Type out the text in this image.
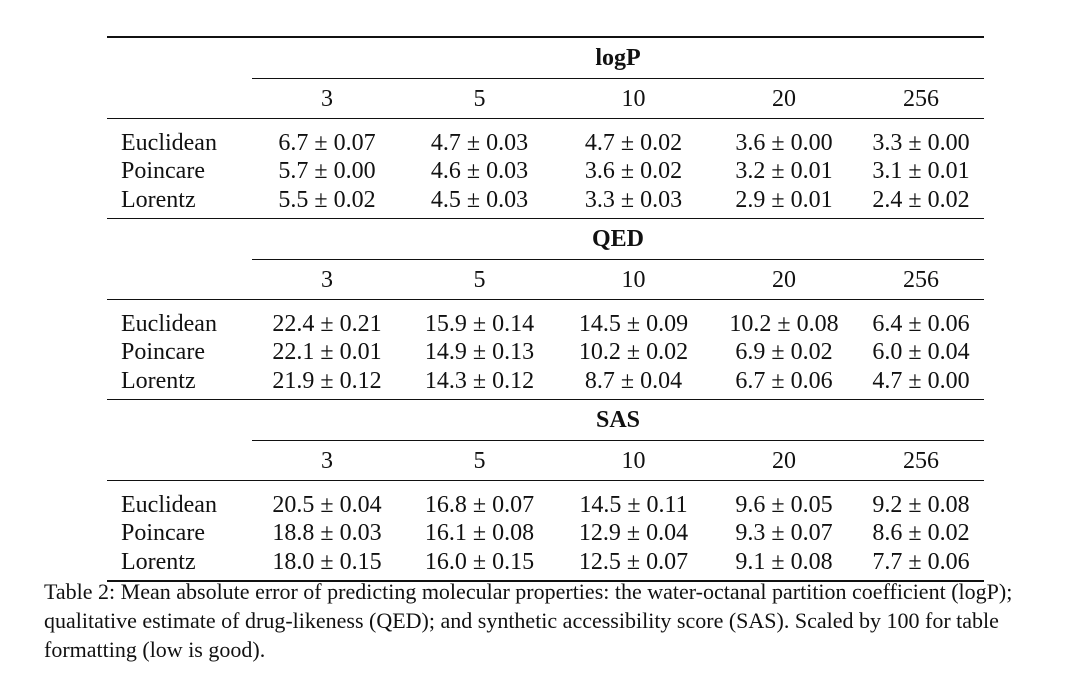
	logP				
	3	5	10	20	256
Euclidean	6.7 ± 0.07	4.7 ± 0.03	4.7 ± 0.02	3.6 ± 0.00	3.3 ± 0.00
Poincare	5.7 ± 0.00	4.6 ± 0.03	3.6 ± 0.02	3.2 ± 0.01	3.1 ± 0.01
Lorentz	5.5 ± 0.02	4.5 ± 0.03	3.3 ± 0.03	2.9 ± 0.01	2.4 ± 0.02
	QED				
	3	5	10	20	256
Euclidean	22.4 ± 0.21	15.9 ± 0.14	14.5 ± 0.09	10.2 ± 0.08	6.4 ± 0.06
Poincare	22.1 ± 0.01	14.9 ± 0.13	10.2 ± 0.02	6.9 ± 0.02	6.0 ± 0.04
Lorentz	21.9 ± 0.12	14.3 ± 0.12	8.7 ± 0.04	6.7 ± 0.06	4.7 ± 0.00
	SAS				
	3	5	10	20	256
Euclidean	20.5 ± 0.04	16.8 ± 0.07	14.5 ± 0.11	9.6 ± 0.05	9.2 ± 0.08
Poincare	18.8 ± 0.03	16.1 ± 0.08	12.9 ± 0.04	9.3 ± 0.07	8.6 ± 0.02
Lorentz	18.0 ± 0.15	16.0 ± 0.15	12.5 ± 0.07	9.1 ± 0.08	7.7 ± 0.06

Table 2: Mean absolute error of predicting molecular properties: the water-octanal partition coefficient (logP); qualitative estimate of drug-likeness (QED); and synthetic accessibility score (SAS). Scaled by 100 for table formatting (low is good).
